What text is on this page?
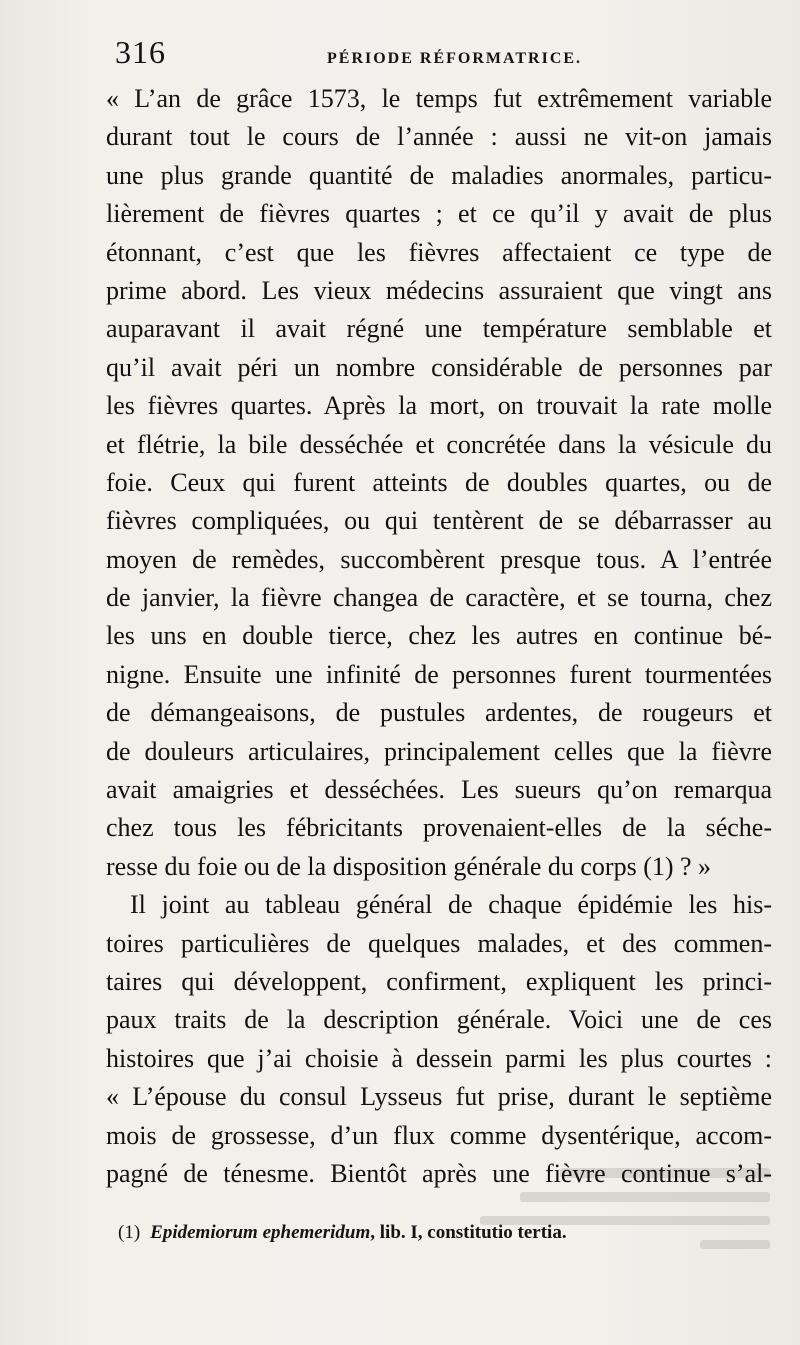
316	PÉRIODE RÉFORMATRICE.
« L’an de grâce 1573, le temps fut extrêmement variable
durant tout le cours de l’année : aussi ne vit-on jamais
une plus grande quantité de maladies anormales, particu-
lièrement de fièvres quartes ; et ce qu’il y avait de plus
étonnant, c’est que les fièvres affectaient ce type de
prime abord. Les vieux médecins assuraient que vingt ans
auparavant il avait régné une température semblable et
qu’il avait péri un nombre considérable de personnes par
les fièvres quartes. Après la mort, on trouvait la rate molle
et flétrie, la bile desséchée et concrétée dans la vésicule du
foie. Ceux qui furent atteints de doubles quartes, ou de
fièvres compliquées, ou qui tentèrent de se débarrasser au
moyen de remèdes, succombèrent presque tous. A l’entrée
de janvier, la fièvre changea de caractère, et se tourna, chez
les uns en double tierce, chez les autres en continue bé-
nigne. Ensuite une infinité de personnes furent tourmentées
de démangeaisons, de pustules ardentes, de rougeurs et
de douleurs articulaires, principalement celles que la fièvre
avait amaigries et desséchées. Les sueurs qu’on remarqua
chez tous les fébricitants provenaient-elles de la séche-
resse du foie ou de la disposition générale du corps (1) ? »
Il joint au tableau général de chaque épidémie les his-
toires particulières de quelques malades, et des commen-
taires qui développent, confirment, expliquent les princi-
paux traits de la description générale. Voici une de ces
histoires que j’ai choisie à dessein parmi les plus courtes :
« L’épouse du consul Lysseus fut prise, durant le septième
mois de grossesse, d’un flux comme dysentérique, accom-
pagné de ténesme. Bientôt après une fièvre continue s’al-
(1) Epidemiorum ephemeridum, lib. I, constitutio tertia.
